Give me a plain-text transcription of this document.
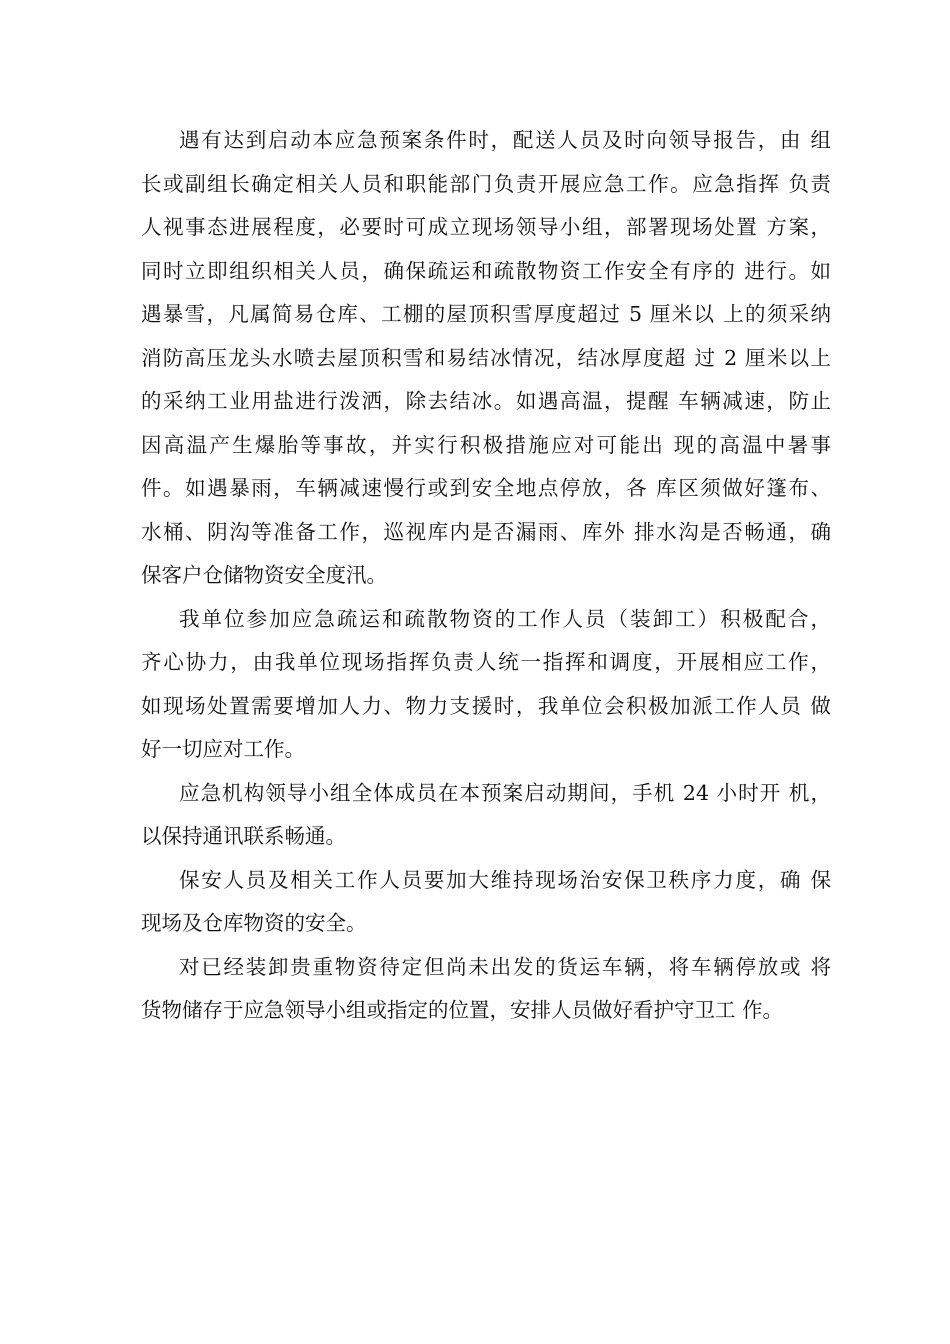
遇有达到启动本应急预案条件时，配送人员及时向领导报告，由 组
长或副组长确定相关人员和职能部门负责开展应急工作。应急指挥 负责
人视事态进展程度，必要时可成立现场领导小组，部署现场处置 方案，
同时立即组织相关人员，确保疏运和疏散物资工作安全有序的 进行。如
遇暴雪，凡属简易仓库、工棚的屋顶积雪厚度超过 5 厘米以 上的须采纳
消防高压龙头水喷去屋顶积雪和易结冰情况，结冰厚度超 过 2 厘米以上
的采纳工业用盐进行泼洒，除去结冰。如遇高温，提醒 车辆减速，防止
因高温产生爆胎等事故，并实行积极措施应对可能出 现的高温中暑事
件。如遇暴雨，车辆减速慢行或到安全地点停放，各 库区须做好篷布、
水桶、阴沟等准备工作，巡视库内是否漏雨、库外 排水沟是否畅通，确
保客户仓储物资安全度汛。
我单位参加应急疏运和疏散物资的工作人员（装卸工）积极配合，
齐心协力，由我单位现场指挥负责人统一指挥和调度，开展相应工作，
如现场处置需要增加人力、物力支援时，我单位会积极加派工作人员 做
好一切应对工作。
应急机构领导小组全体成员在本预案启动期间，手机 24 小时开 机，
以保持通讯联系畅通。
保安人员及相关工作人员要加大维持现场治安保卫秩序力度，确 保
现场及仓库物资的安全。
对已经装卸贵重物资待定但尚未出发的货运车辆，将车辆停放或 将
货物储存于应急领导小组或指定的位置，安排人员做好看护守卫工 作。
